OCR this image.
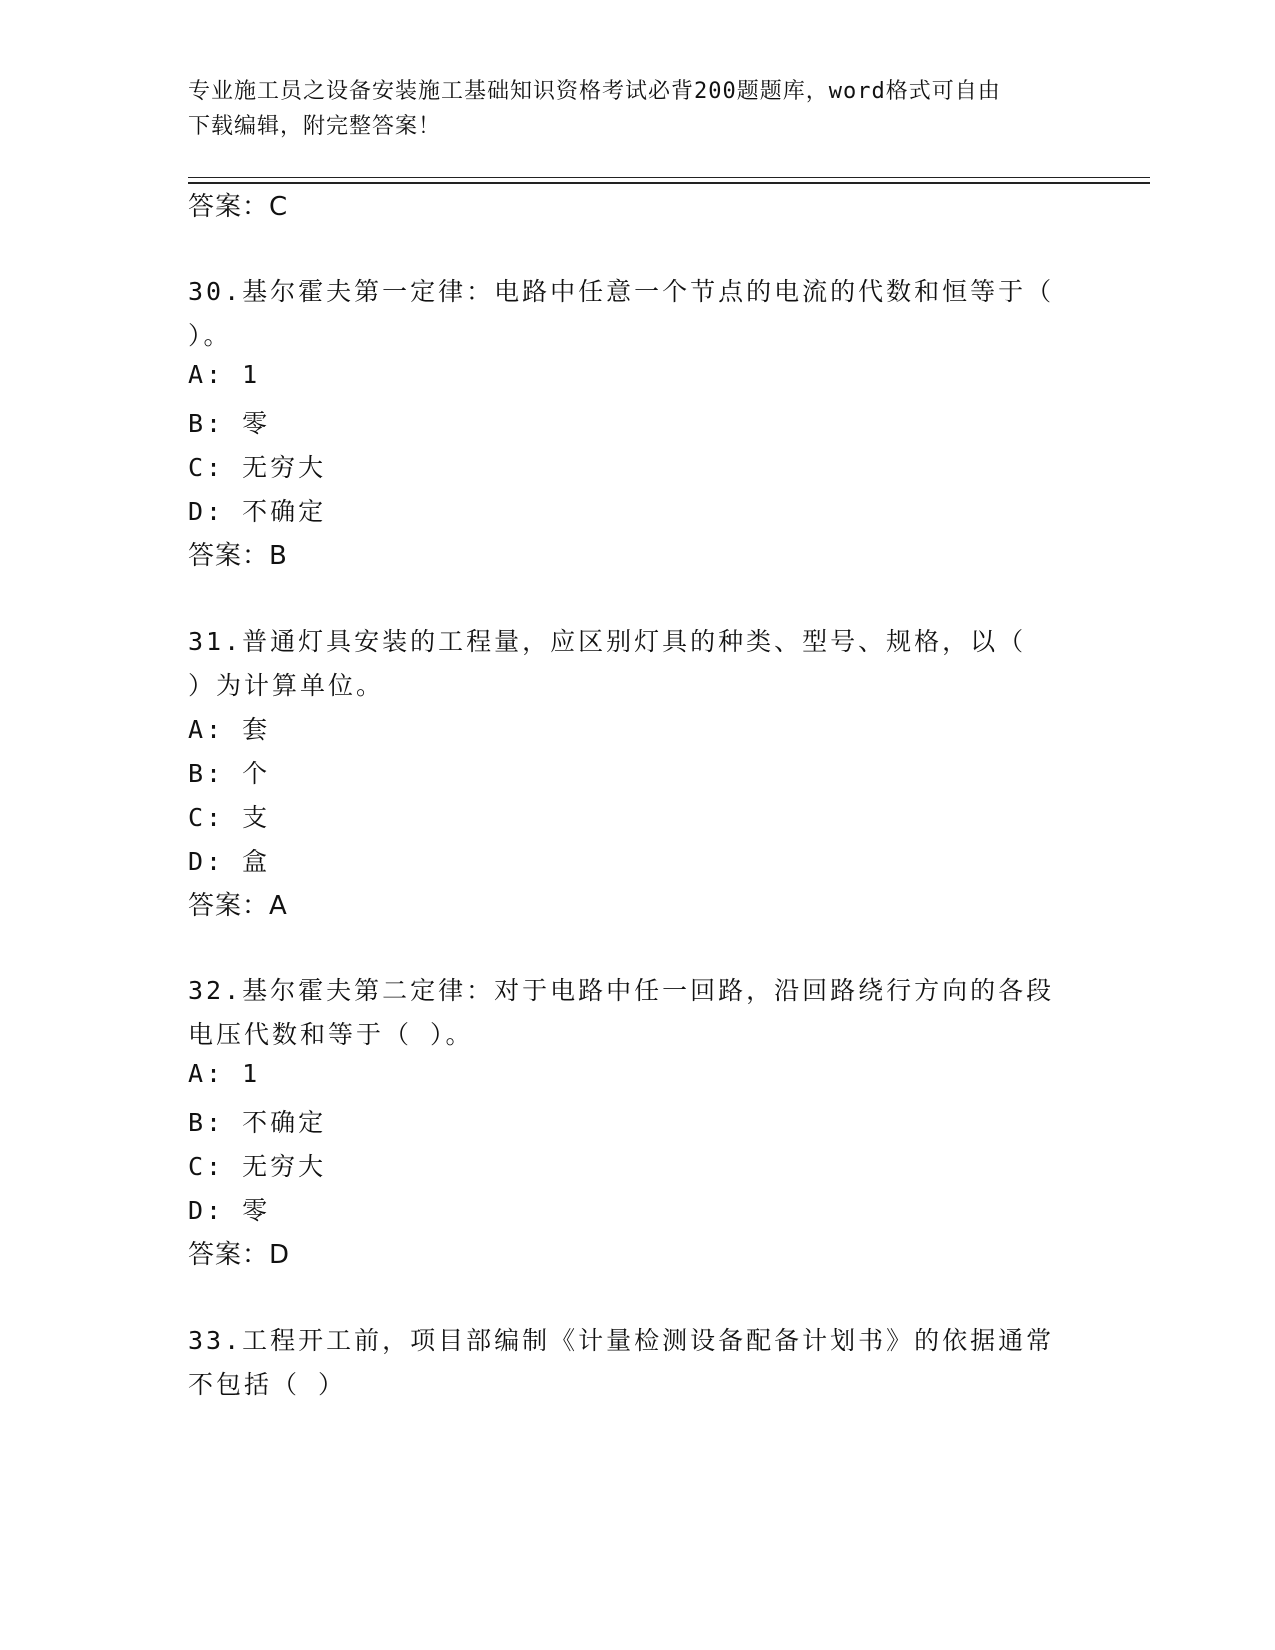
专业施工员之设备安装施工基础知识资格考试必背200题题库，word格式可自由
下载编辑，附完整答案！
答案：C
30.基尔霍夫第一定律：电路中任意一个节点的电流的代数和恒等于（
）。
A: 1
B: 零
C: 无穷大
D: 不确定
答案：B
31.普通灯具安装的工程量，应区别灯具的种类、型号、规格，以（
）为计算单位。
A: 套
B: 个
C: 支
D: 盒
答案：A
32.基尔霍夫第二定律：对于电路中任一回路，沿回路绕行方向的各段
电压代数和等于（ ）。
A: 1
B: 不确定
C: 无穷大
D: 零
答案：D
33.工程开工前，项目部编制《计量检测设备配备计划书》的依据通常
不包括（ ）
